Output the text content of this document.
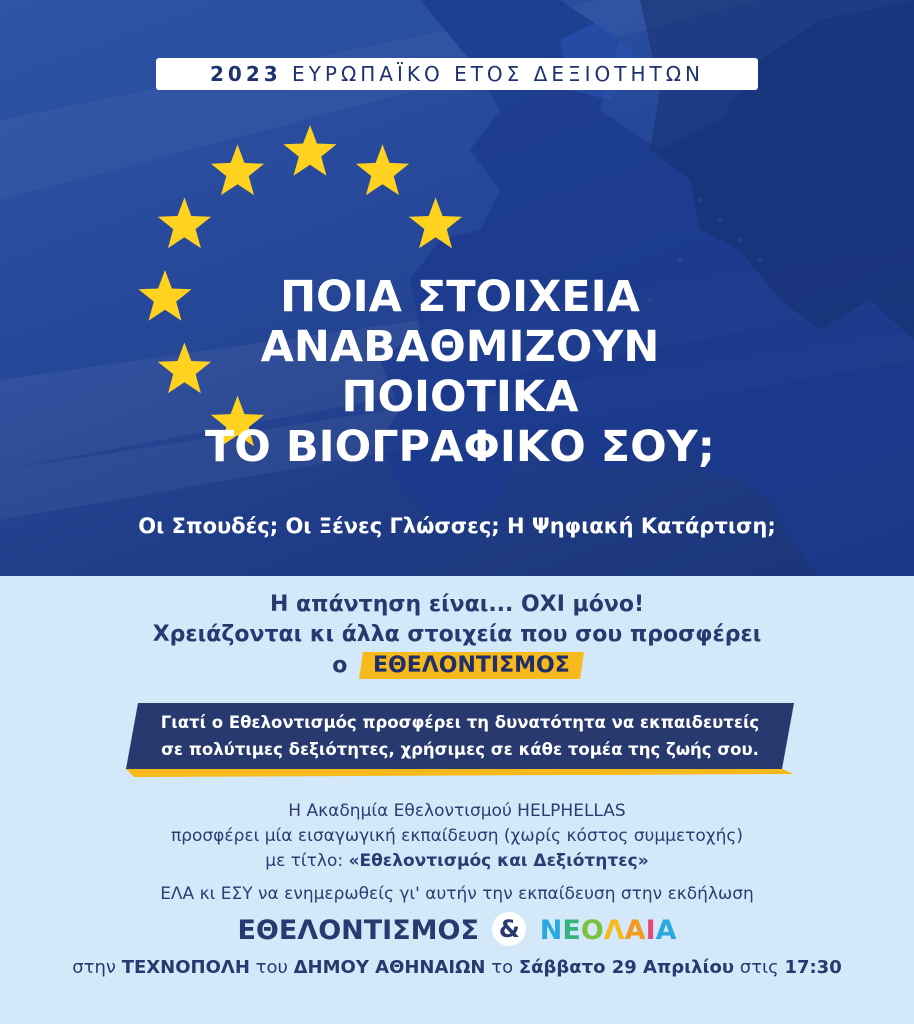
2023 ΕΥΡΩΠΑΪΚΟ ΕΤΟΣ ΔΕΞΙΟΤΗΤΩΝ
ΠΟΙΑ ΣΤΟΙΧΕΙΑ
ΑΝΑΒΑΘΜΙΖΟΥΝ
ΠΟΙΟΤΙΚΑ
ΤΟ ΒΙΟΓΡΑΦΙΚΟ ΣΟΥ;
Οι Σπουδές; Οι Ξένες Γλώσσες; Η Ψηφιακή Κατάρτιση;
Η απάντηση είναι... ΟΧΙ μόνο!
Χρειάζονται κι άλλα στοιχεία που σου προσφέρει
ο ΕΘΕΛΟΝΤΙΣΜΟΣ
Γιατί ο Εθελοντισμός προσφέρει τη δυνατότητα να εκπαιδευτείς
σε πολύτιμες δεξιότητες, χρήσιμες σε κάθε τομέα της ζωής σου.
Η Ακαδημία Εθελοντισμού HELPHELLAS
προσφέρει μία εισαγωγική εκπαίδευση (χωρίς κόστος συμμετοχής)
με τίτλο: «Εθελοντισμός και Δεξιότητες»
ΕΛΑ κι ΕΣΥ να ενημερωθείς γι' αυτήν την εκπαίδευση στην εκδήλωση
ΕΘΕΛΟΝΤΙΣΜΟΣ & ΝΕΟΛΑΙΑ
στην ΤΕΧΝΟΠΟΛΗ του ΔΗΜΟΥ ΑΘΗΝΑΙΩΝ το Σάββατο 29 Απριλίου στις 17:30
